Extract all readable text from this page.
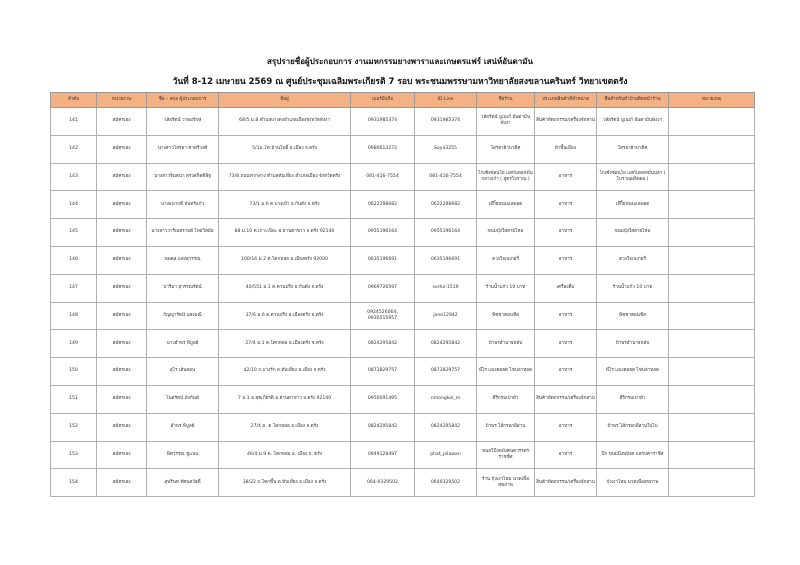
สรุปรายชื่อผู้ประกอบการ งานมหกรรมยางพาราและเกษตรแฟร์ เสน่ห์อันดามัน
วันที่ 8-12 เมษายน 2569 ณ ศูนย์ประชุมเฉลิมพระเกียรติ 7 รอบ พระชนมพรรษามหาวิทยาลัยสงขลานครินทร์ วิทยาเขตตรัง
ลำดับ	หน่วยงาน	ชื่อ – สกุล ผู้ประกอบการ	ที่อยู่	เบอร์มือถือ	ID Line	ชื่อร้าน	ประเภทสินค้าที่จำหน่าย	ชื่อสำหรับทำป้ายติดหน้าร้าน	หมายเหตุ
141	สมัครเอง	วลัยรัตน์ วาพยรักษ์	68/5 ม.8 ตำบลบางดงอำเภอเมืองจังหวัดพังงา	0931985374	0931985374	วลัยรัตน์ บูเนเก้ อันดามันพังงา	สินค้าหัตถกรรม/เครื่องจักสาน	วลัยรัตน์ บูเนเก้ อันดามันพังงา	
142	สมัครเอง	นางสาวโสรยา ชาตรีวงศ์	5/1ม.7ต.บ้านโพธิ์ อ.เมือง จ.ตรัง	0980613272	Soya3255	โสรยาผ้าบาติค	ผ้าพื้นเมือง	โสรยาผ้าบาติค	
143	สมัครเอง	นางสาวจินตนา ตรงสกิตติพิฐ	73/8 ถนนท่ากลาง ตำบลทับเที่ยง อำเภอเมือง จังหวัดตรัง	081-416-7554	081-416-7554	โกเซ้งซ่อนโย แสก้นหอหมั่นกลางเก๋า ( สูตรโบราณ )	อาหาร	โกเซ้งซ่อนโย แสก้นหอหมั่นปลา ( โบราณผลิตผล )	
144	สมัครเอง	นางธนากดี จันทร์แก้ว	73/1 ม.6 ต.บางเป้า อ.กันตัง จ.ตรัง	0622298682	0622298682	เจ๊กิ้ยขนมแลพอด	อาหาร	เจ๊กิ้ยขนมแลพอด	
145	สมัครเอง	นางสาววาริณทรายด์ ไทยวิสมัย	88 ม.10 ต.เกาะเปียะ อ.ย่านตาขาว จ.ตรัง 92140	0955196164	0955196164	ขนมบุ้งใส่สายไหม	อาหาร	ขนมบุ้งใส่สายไหม	
146	สมัครเอง	นพดล แสงสุวรรณ	100/16 ม.2 ต.โคกหล่อ อ.เมืองตรัง 92000	0635196691	0635196691	ดวงใจเบเกอรี่	อาหาร	ดวงใจเบเกอรี่	
147	สมัครเอง	ปาริมา สุวรรณรัตน์	40/551 ม.1 ต.ควนปริง อ.กันตัง จ.ตรัง	0969726597	sorha-1519	ร้านน้ำแก้ว 10 บาท	เครื่องดื่ม	ร้านน้ำแก้ว 10 บาท	
148	สมัครเอง	กัญญารัตน์ แสงมณี	37/6 ม.6 ต.ควนปริง อ.เมืองตรัง จ.ตรัง	0924526064, 0930515957	jane12942	พิชชาคอนชีส	อาหาร	พิชชาคอนชีส	
149	สมัครเอง	นางอำพร พิบูลย์	27/4 ม.1 ต.โคกหล่อ อ.เมืองตรัง จ.ตรัง	0824295842	0824295842	ป้าพรอำนาจหลับ	อาหาร	ป้าพรอำนาจหลับ	
150	สมัครเอง	อุไร เส้นสอน	42/10 ถ.บางรัก ต.ทับเที่ยง อ.เมือง จ.ตรัง	0873829757	0873829757	พี่ไร แมงคอยด ไข่ปลาทอด	อาหาร	พี่ไร แมงคอยด ไข่ปลาทอด	
151	สมัครเอง	โนสรัตน์ มังกันต์	7 ม.1 อ.สุขเกียรติ อ.ย่านตาขาว จ.ตรัง 92140	0950091495	nmongkol_m	สิริกรมเป่าผ้า	สินค้าหัตถกรรม/เครื่องจักสาน	สิริกรมเป่าผ้า	
152	สมัครเอง	อำพร พิบูลย์	27/4 ม. ต.โคกหล่อ อ.เมือง จ.ตรัง	0824295842	0824295842	ป้าพร ไส้กรอกอีสาน	อาหาร	ป้าพร ไส้กรอกอีสานใบไป	
153	สมัครเอง	พิศวรรณ ชูแนบ	46/4 ม.9 ต. โคกหล่อ อ. เมือง จ. ตรัง	0949128497	phat_pilawan	ขนมไปีงพบังคนตวรรดร ราชชีส	อาหาร	ปีก ขนมปีงพบังค แฮรปคาราชีส	
154	สมัครเอง	สุพรินท ทัศนสวัสดิ์	38/22 ถ.โคกขึ้น ต.ทับเที่ยง อ.เมือง จ.ตรัง	064-0329502	0640329502	ร้าน กุ้งเงาไหม นวดเพื่อสุขภาพ	สินค้าหัตถกรรม/เครื่องจักสาน	กุ้งเงาไหม นวดเพื่อสุขภาพ	
